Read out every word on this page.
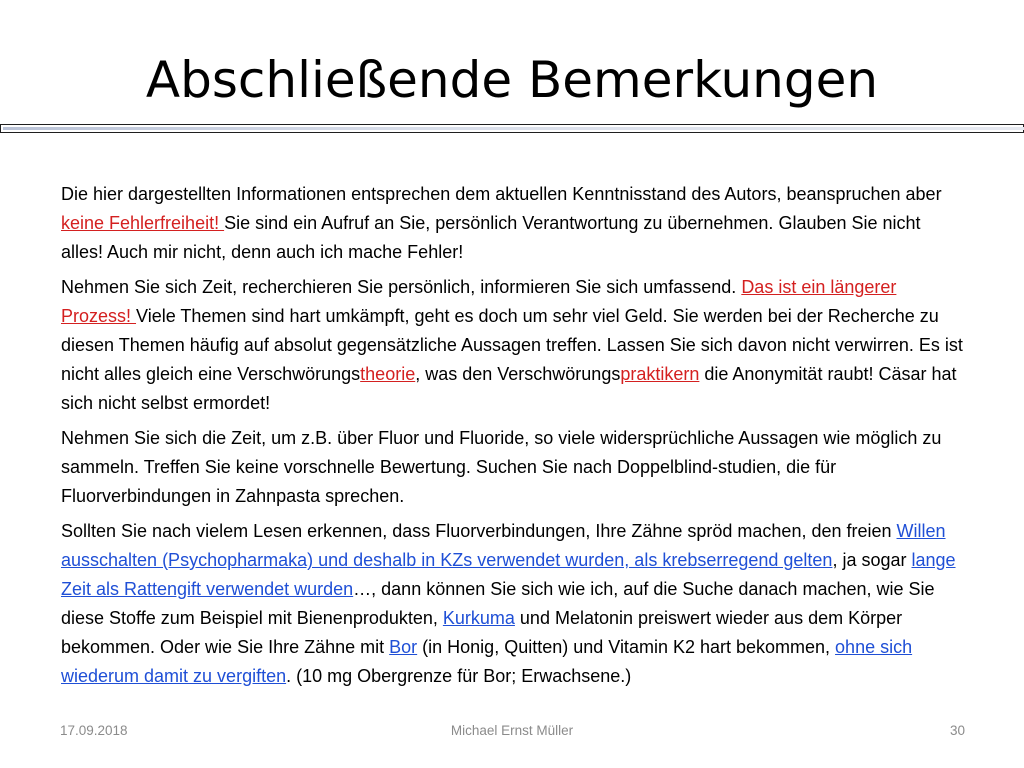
Abschließende Bemerkungen

Die hier dargestellten Informationen entsprechen dem aktuellen Kenntnisstand des Autors, beanspruchen aber keine Fehlerfreiheit! Sie sind ein Aufruf an Sie, persönlich Verantwortung zu übernehmen. Glauben Sie nicht alles! Auch mir nicht, denn auch ich mache Fehler!

Nehmen Sie sich Zeit, recherchieren Sie persönlich, informieren Sie sich umfassend. Das ist ein längerer Prozess! Viele Themen sind hart umkämpft, geht es doch um sehr viel Geld. Sie werden bei der Recherche zu diesen Themen häufig auf absolut gegensätzliche Aussagen treffen. Lassen Sie sich davon nicht verwirren. Es ist nicht alles gleich eine Verschwörungstheorie, was den Verschwörungspraktikern die Anonymität raubt! Cäsar hat sich nicht selbst ermordet!

Nehmen Sie sich die Zeit, um z.B. über Fluor und Fluoride, so viele widersprüchliche Aussagen wie möglich zu sammeln. Treffen Sie keine vorschnelle Bewertung. Suchen Sie nach Doppelblind-studien, die für Fluorverbindungen in Zahnpasta sprechen.

Sollten Sie nach vielem Lesen erkennen, dass Fluorverbindungen, Ihre Zähne spröd machen, den freien Willen ausschalten (Psychopharmaka) und deshalb in KZs verwendet wurden, als krebserregend gelten, ja sogar lange Zeit als Rattengift verwendet wurden…, dann können Sie sich wie ich, auf die Suche danach machen, wie Sie diese Stoffe zum Beispiel mit Bienenprodukten, Kurkuma und Melatonin preiswert wieder aus dem Körper bekommen. Oder wie Sie Ihre Zähne mit Bor (in Honig, Quitten) und Vitamin K2 hart bekommen, ohne sich wiederum damit zu vergiften. (10 mg Obergrenze für Bor; Erwachsene.)

17.09.2018	Michael Ernst Müller	30
